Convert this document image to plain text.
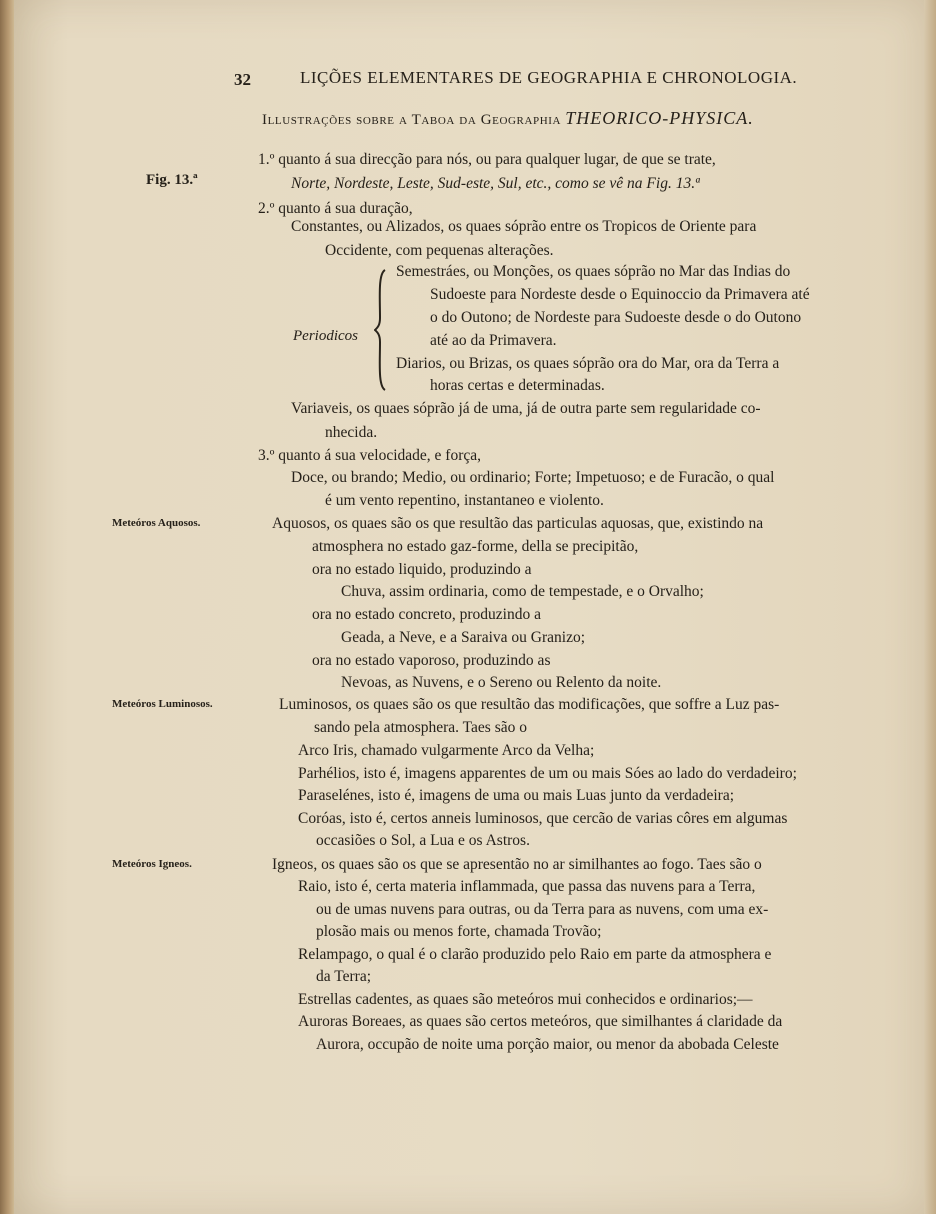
32	LIÇÕES ELEMENTARES DE GEOGRAPHIA E CHRONOLOGIA.
Illustrações sobre a Taboa da Geographia THEORICO-PHYSICA.
Fig. 13.ª
Periodicos
Meteóros Aquosos.
Meteóros Luminosos.
Meteóros Igneos.
1.º quanto á sua direcção para nós, ou para qualquer lugar, de que se trate,
Norte, Nordeste, Leste, Sud-este, Sul, etc., como se vê na Fig. 13.ª
2.º quanto á sua duração,
Constantes, ou Alizados, os quaes sóprão entre os Tropicos de Oriente para
Occidente, com pequenas alterações.
Semestráes, ou Monções, os quaes sóprão no Mar das Indias do
Sudoeste para Nordeste desde o Equinoccio da Primavera até
o do Outono; de Nordeste para Sudoeste desde o do Outono
até ao da Primavera.
Diarios, ou Brizas, os quaes sóprão ora do Mar, ora da Terra a
horas certas e determinadas.
Variaveis, os quaes sóprão já de uma, já de outra parte sem regularidade co-
nhecida.
3.º quanto á sua velocidade, e força,
Doce, ou brando; Medio, ou ordinario; Forte; Impetuoso; e de Furacão, o qual
é um vento repentino, instantaneo e violento.
Aquosos, os quaes são os que resultão das particulas aquosas, que, existindo na
atmosphera no estado gaz-forme, della se precipitão,
ora no estado liquido, produzindo a
Chuva, assim ordinaria, como de tempestade, e o Orvalho;
ora no estado concreto, produzindo a
Geada, a Neve, e a Saraiva ou Granizo;
ora no estado vaporoso, produzindo as
Nevoas, as Nuvens, e o Sereno ou Relento da noite.
Luminosos, os quaes são os que resultão das modificações, que soffre a Luz pas-
sando pela atmosphera. Taes são o
Arco Iris, chamado vulgarmente Arco da Velha;
Parhélios, isto é, imagens apparentes de um ou mais Sóes ao lado do verdadeiro;
Paraselénes, isto é, imagens de uma ou mais Luas junto da verdadeira;
Coróas, isto é, certos anneis luminosos, que cercão de varias côres em algumas
occasiões o Sol, a Lua e os Astros.
Igneos, os quaes são os que se apresentão no ar similhantes ao fogo. Taes são o
Raio, isto é, certa materia inflammada, que passa das nuvens para a Terra,
ou de umas nuvens para outras, ou da Terra para as nuvens, com uma ex-
plosão mais ou menos forte, chamada Trovão;
Relampago, o qual é o clarão produzido pelo Raio em parte da atmosphera e
da Terra;
Estrellas cadentes, as quaes são meteóros mui conhecidos e ordinarios;—
Auroras Boreaes, as quaes são certos meteóros, que similhantes á claridade da
Aurora, occupão de noite uma porção maior, ou menor da abobada Celeste
